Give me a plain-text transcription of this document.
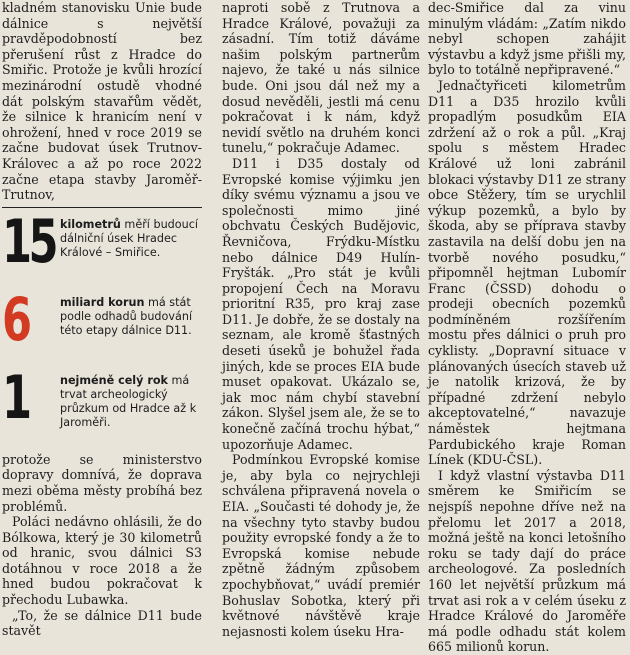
kladném stanovisku Unie bude dálnice s největší pravděpodobností bez přerušení růst z Hradce do Smiřic. Protože je kvůli hrozící mezinárodní ostudě vhodné dát polským stavařům vědět, že silnice k hranicím není v ohrožení, hned v roce 2019 se začne budovat úsek Trutnov-Královec a až po roce 2022 začne etapa stavby Jaroměř-Trutnov,

15 kilometrů měří budoucí dálniční úsek Hradec Králové – Smiřice.
6	miliard korun má stát podle odhadů budování této etapy dálnice D11.
1	nejméně celý rok má trvat archeologický průzkum od Hradce až k Jaroměři.

protože se ministerstvo dopravy domnívá, že doprava mezi oběma městy probíhá bez problémů.

Poláci nedávno ohlásili, že do Bólkowa, který je 30 kilometrů od hranic, svou dálnici S3 dotáhnou v roce 2018 a že hned budou pokračovat k přechodu Lubawka.

„To, že se dálnice D11 bude stavět

naproti sobě z Trutnova a Hradce Králové, považuji za zásadní. Tím totiž dáváme našim polským partnerům najevo, že také u nás silnice bude. Oni jsou dál než my a dosud nevěděli, jestli má cenu pokračovat i k nám, když nevidí světlo na druhém konci tunelu,“ pokračuje Adamec.

D11 i D35 dostaly od Evropské komise výjimku jen díky svému významu a jsou ve společnosti mimo jiné obchvatu Českých Budějovic, Řevničova, Frýdku-Místku nebo dálnice D49 Hulín-Fryšták. „Pro stát je kvůli propojení Čech na Moravu prioritní R35, pro kraj zase D11. Je dobře, že se dostaly na seznam, ale kromě šťastných deseti úseků je bohužel řada jiných, kde se proces EIA bude muset opakovat. Ukázalo se, jak moc nám chybí stavební zákon. Slyšel jsem ale, že se to konečně začíná trochu hýbat,“ upozorňuje Adamec.

Podmínkou Evropské komise je, aby byla co nejrychleji schválena připravená novela o EIA. „Současti té dohody je, že na všechny tyto stavby budou použity evropské fondy a že to Evropská komise nebude zpětně žádným způsobem zpochybňovat,“ uvádí premiér Bohuslav Sobotka, který při květnové návštěvě kraje nejasnosti kolem úseku Hra-

dec-Smiřice dal za vinu minulým vládám: „Zatím nikdo nebyl schopen zahájit výstavbu a když jsme přišli my, bylo to totálně nepřipravené.“

Jednačtyřiceti kilometrům D11 a D35 hrozilo kvůli propadlým posudkům EIA zdržení až o rok a půl. „Kraj spolu s městem Hradec Králové už loni zabránil blokaci výstavby D11 ze strany obce Stěžery, tím se urychlil výkup pozemků, a bylo by škoda, aby se příprava stavby zastavila na delší dobu jen na tvorbě nového posudku,“ připomněl hejtman Lubomír Franc (ČSSD) dohodu o prodeji obecních pozemků podmíněném rozšířením mostu přes dálnici o pruh pro cyklisty. „Dopravní situace v plánovaných úsecích staveb už je natolik krizová, že by případné zdržení nebylo akceptovatelné,“ navazuje náměstek hejtmana Pardubického kraje Roman Línek (KDU-ČSL).

I když vlastní výstavba D11 směrem ke Smiřicím se nejspíš nepohne dříve než na přelomu let 2017 a 2018, možná ještě na konci letošního roku se tady dají do práce archeologové. Za posledních 160 let největší průzkum má trvat asi rok a v celém úseku z Hradce Králové do Jaroměře má podle odhadu stát kolem 665 milionů korun.
